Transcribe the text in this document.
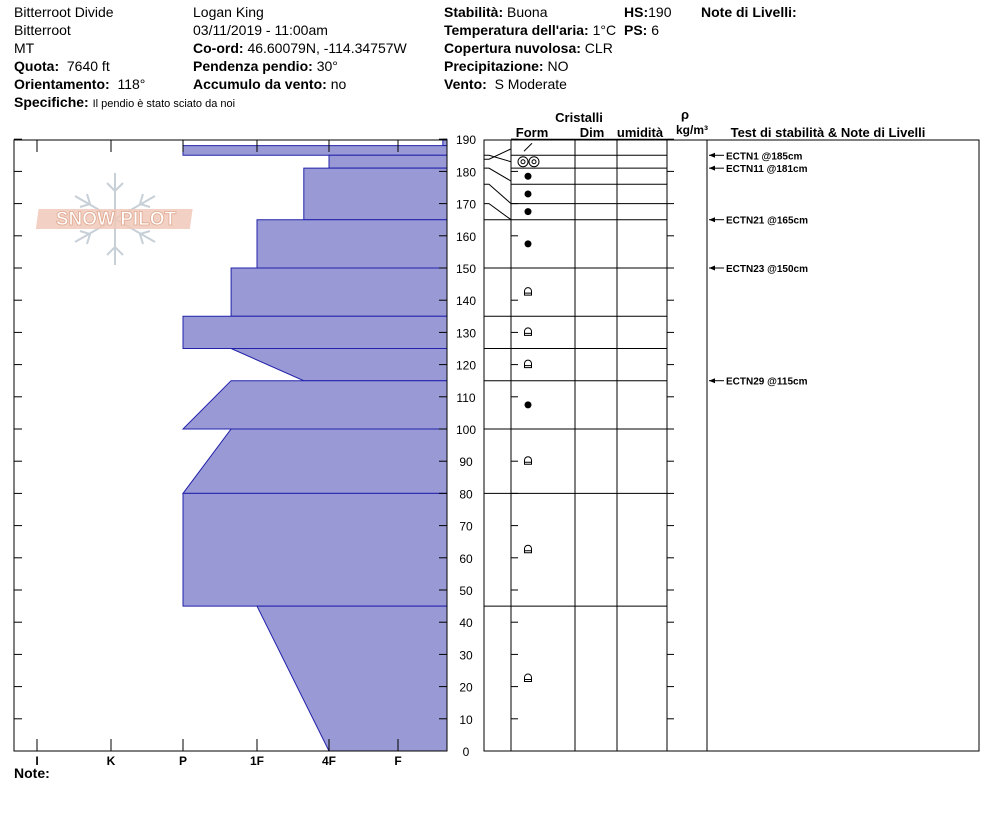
Bitterroot Divide
Bitterroot
MT
Quota: 7640 ft
Orientamento: 118°
Specifiche: Il pendio è stato sciato da noi
Logan King
03/11/2019 - 11:00am
Co-ord: 46.60079N, -114.34757W
Pendenza pendio: 30°
Accumulo da vento: no
Stabilità: Buona
Temperatura dell'aria: 1°C
Copertura nuvolosa: CLR
Precipitazione: NO
Vento: S Moderate
HS:190
PS: 6
Note di Livelli:
Note:
SNOW PILOT
0
10
20
30
40
50
60
70
80
90
100
110
120
130
140
150
160
170
180
190
I	K	P	1F	4F	F
ECTN1 @185cm
ECTN11 @181cm
ECTN21 @165cm
ECTN23 @150cm
ECTN29 @115cm
Cristalli
Form Dim umidità
ρ
kg/m³ Test di stabilità & Note di Livelli
